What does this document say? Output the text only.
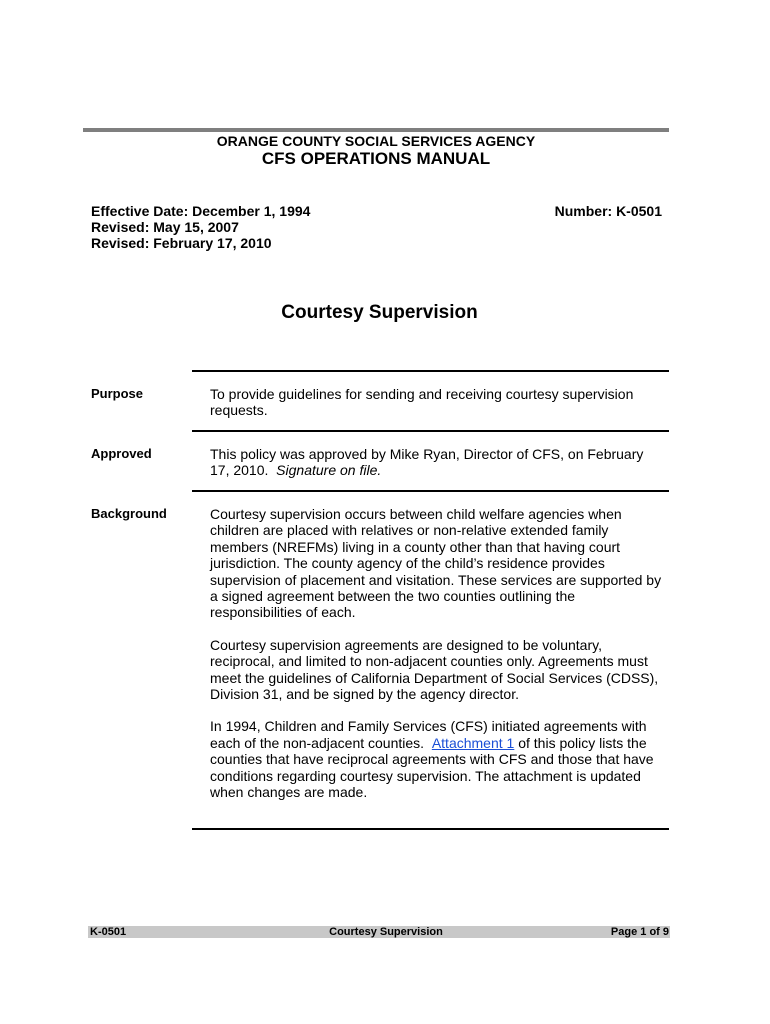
ORANGE COUNTY SOCIAL SERVICES AGENCY
CFS OPERATIONS MANUAL
Effective Date: December 1, 1994
Revised: May 15, 2007
Revised: February 17, 2010
Number: K-0501
Courtesy Supervision
Purpose	To provide guidelines for sending and receiving courtesy supervision requests.

Approved	This policy was approved by Mike Ryan, Director of CFS, on February 17, 2010. Signature on file.

Background	Courtesy supervision occurs between child welfare agencies when children are placed with relatives or non-relative extended family members (NREFMs) living in a county other than that having court jurisdiction. The county agency of the child’s residence provides supervision of placement and visitation. These services are supported by a signed agreement between the two counties outlining the responsibilities of each.

Courtesy supervision agreements are designed to be voluntary, reciprocal, and limited to non-adjacent counties only. Agreements must meet the guidelines of California Department of Social Services (CDSS), Division 31, and be signed by the agency director.

In 1994, Children and Family Services (CFS) initiated agreements with each of the non-adjacent counties. Attachment 1 of this policy lists the counties that have reciprocal agreements with CFS and those that have conditions regarding courtesy supervision. The attachment is updated when changes are made.

K-0501	Courtesy Supervision	Page 1 of 9
